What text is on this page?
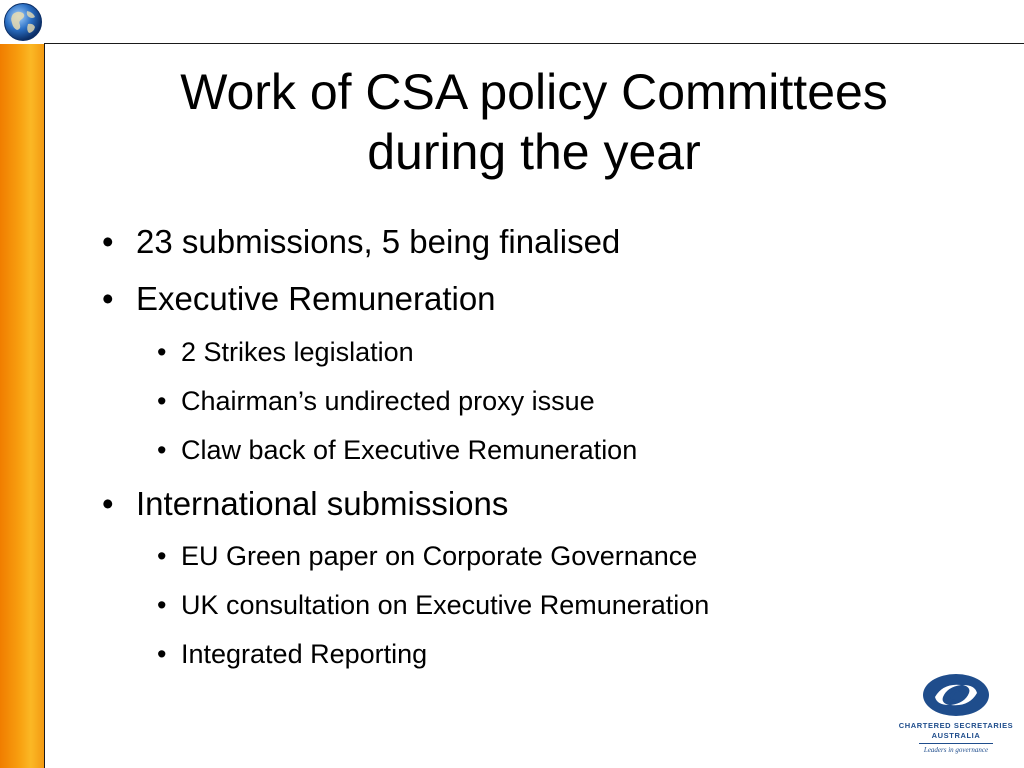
Work of CSA policy Committees
during the year
• 23 submissions, 5 being finalised
• Executive Remuneration
• 2 Strikes legislation
• Chairman’s undirected proxy issue
• Claw back of Executive Remuneration
• International submissions
• EU Green paper on Corporate Governance
• UK consultation on Executive Remuneration
• Integrated Reporting
CHARTERED SECRETARIES
AUSTRALIA
Leaders in governance
